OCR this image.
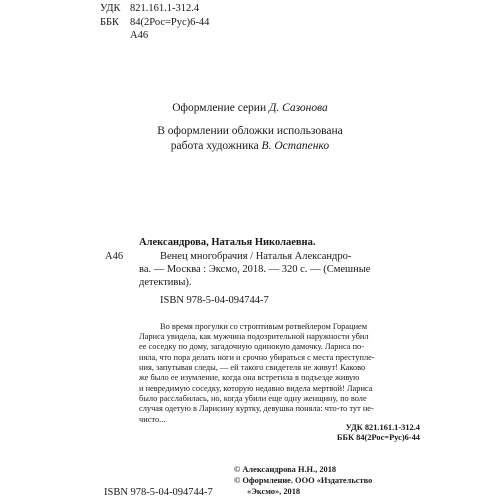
УДК 821.161.1-312.4
ББК 84(2Рос=Рус)6-44
А46
Оформление серии Д. Сазонова
В оформлении обложки использована
работа художника В. Остапенко
А46
Александрова, Наталья Николаевна.
Венец многобрачия / Наталья Александро-
ва. — Москва : Эксмо, 2018. — 320 с. — (Смешные
детективы).
ISBN 978-5-04-094744-7
Во время прогулки со строптивым ротвейлером Горацием
Лариса увидела, как мужчина подозрительной наружности убил
ее соседку по дому, загадочную одинокую дамочку. Лариса по-
няла, что пора делать ноги и срочно убираться с места преступле-
ния, запутывая следы, — ей такого свидетеля не живут! Каково
же было ее изумление, когда она встретила в подъезде живую
и невредимую соседку, которую недавно видела мертвой! Лариса
было расслабилась, но, когда убили еще одну женщину, по воле
случая одетую в Ларисину куртку, девушка поняла: что-то тут не-
чисто...
УДК 821.161.1-312.4
ББК 84(2Рос=Рус)6-44
ISBN 978-5-04-094744-7
© Александрова Н.Н., 2018
© Оформление. ООО «Издательство
«Эксмо», 2018
